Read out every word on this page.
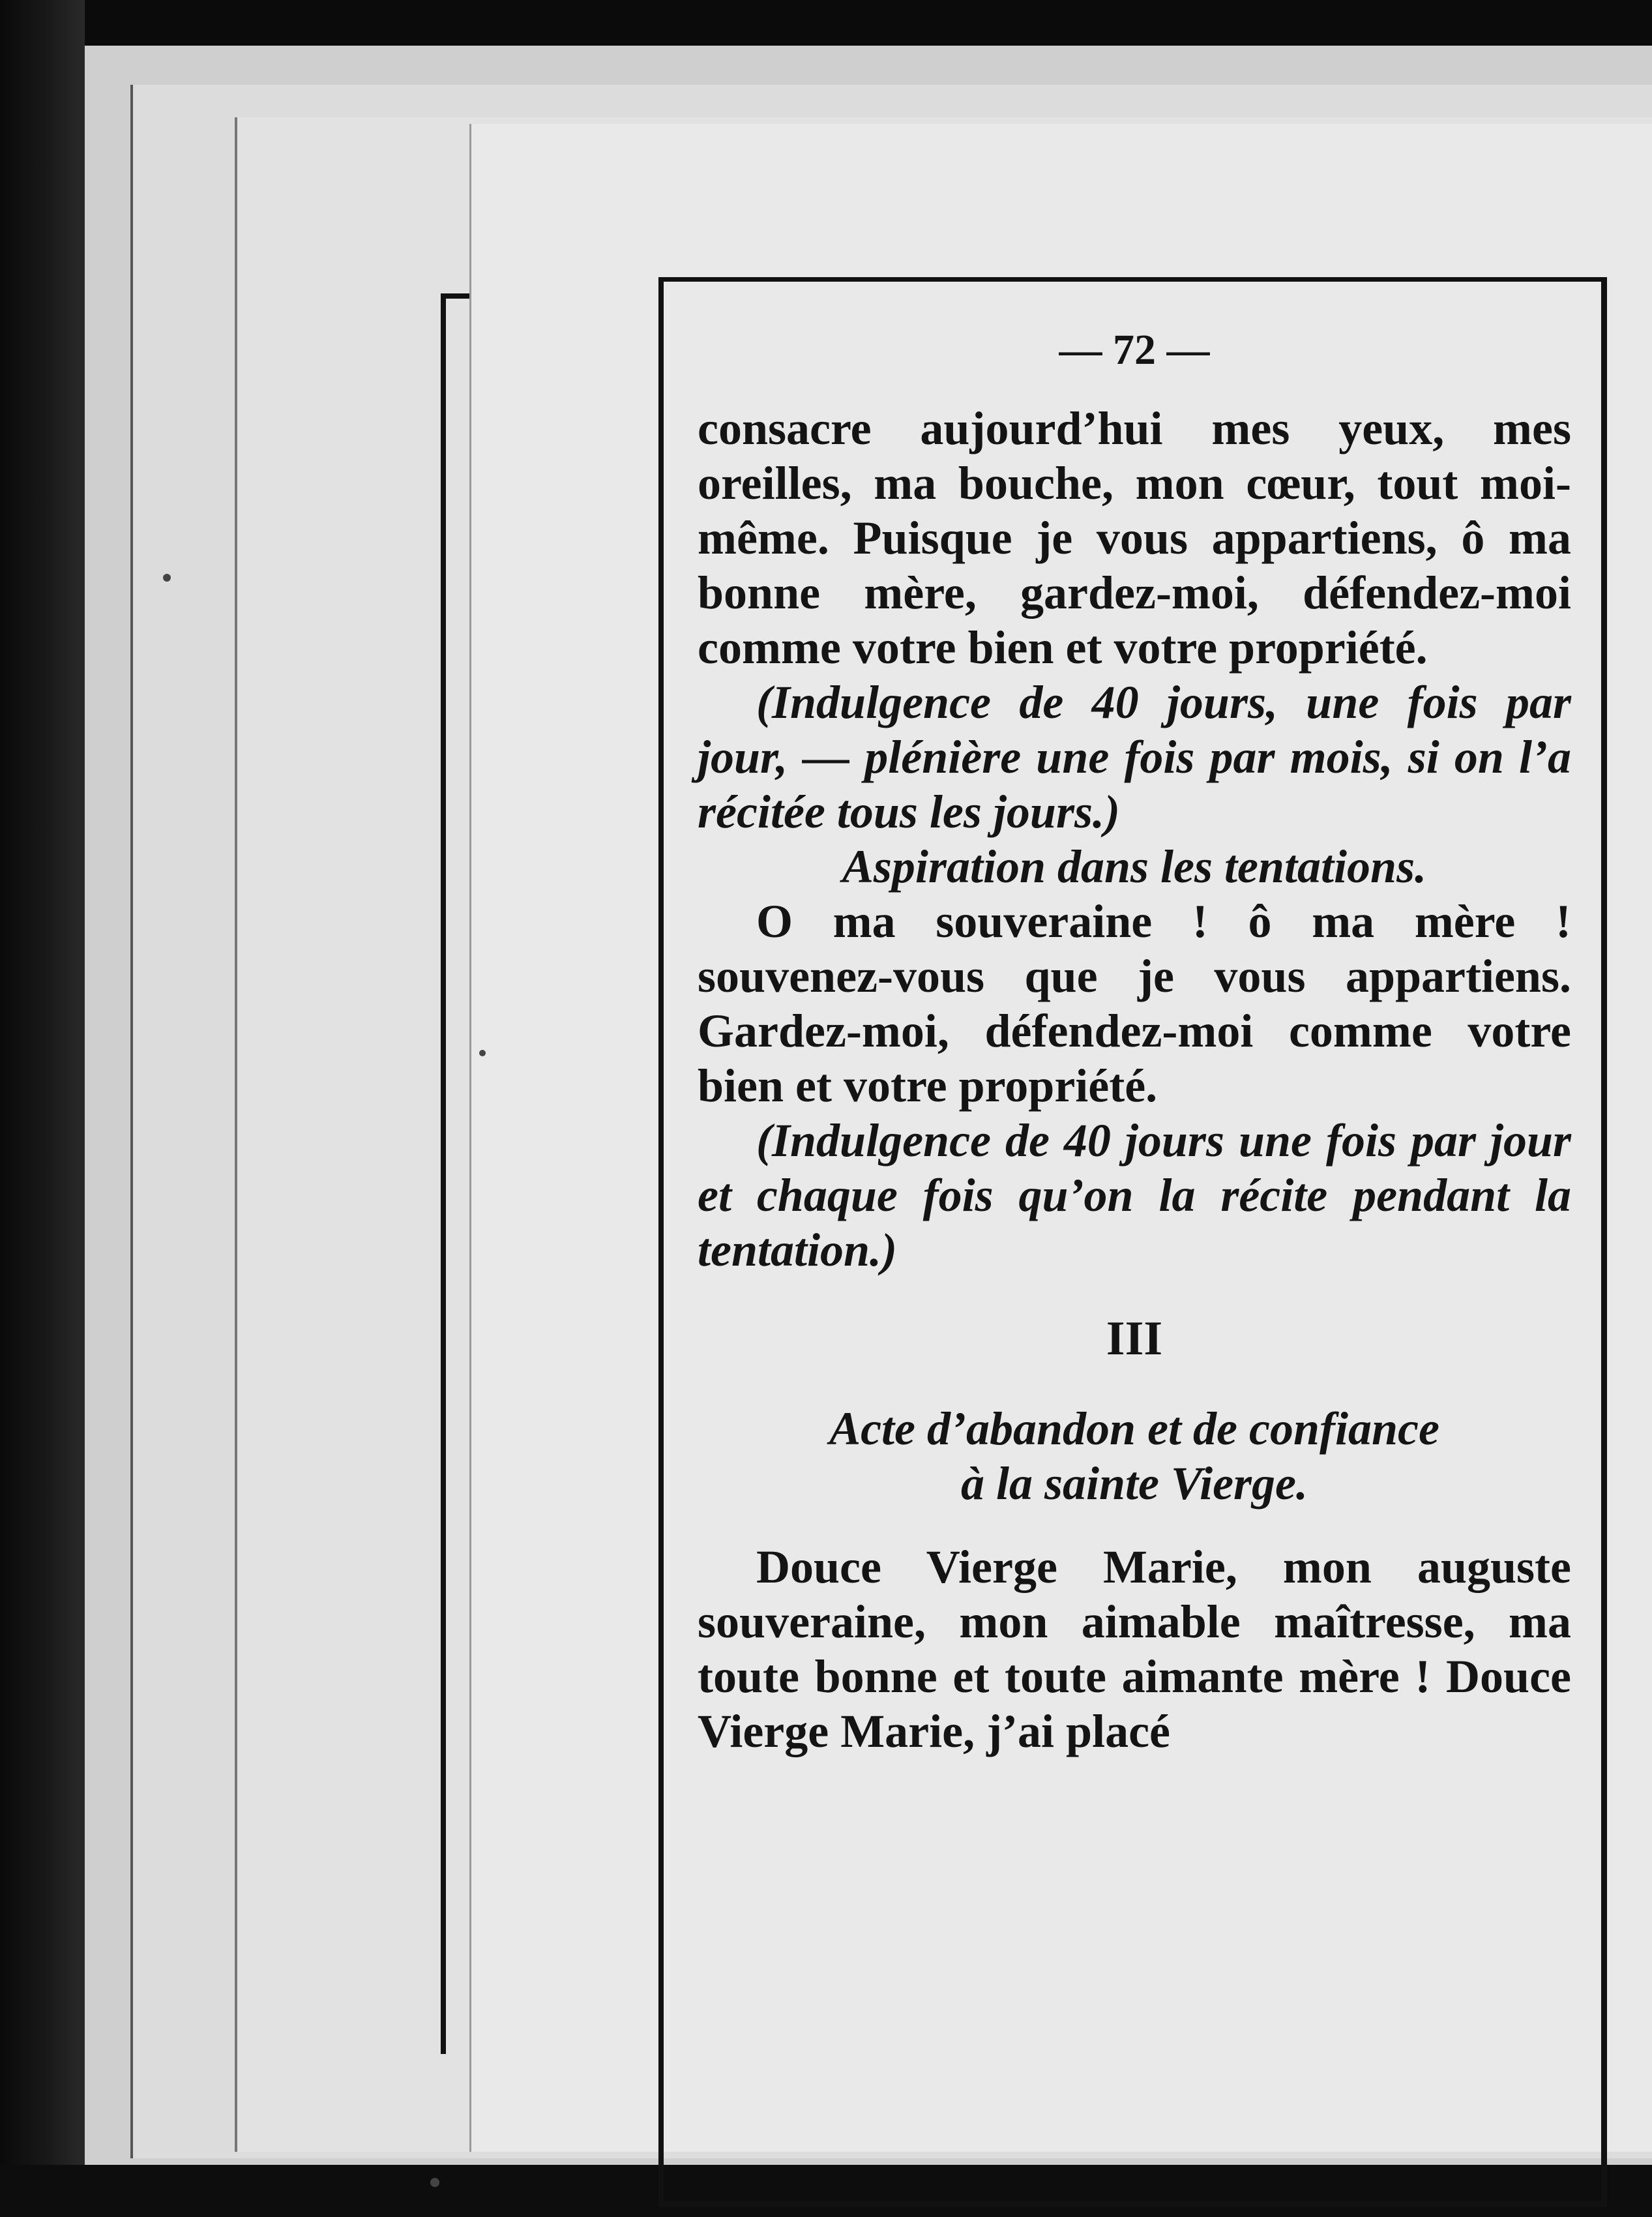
— 72 —

consacre aujourd’hui mes yeux, mes oreilles, ma bouche, mon cœur, tout moi-même. Puisque je vous appartiens, ô ma bonne mère, gardez-moi, défendez-moi comme votre bien et votre propriété.

(Indulgence de 40 jours, une fois par jour, — plénière une fois par mois, si on l’a récitée tous les jours.)

Aspiration dans les tentations.

O ma souveraine ! ô ma mère ! souvenez-vous que je vous appartiens. Gardez-moi, défendez-moi comme votre bien et votre propriété.

(Indulgence de 40 jours une fois par jour et chaque fois qu’on la récite pendant la tentation.)

III
Acte d’abandon et de confiance
à la sainte Vierge.

Douce Vierge Marie, mon auguste souveraine, mon aimable maîtresse, ma toute bonne et toute aimante mère ! Douce Vierge Marie, j’ai placé
